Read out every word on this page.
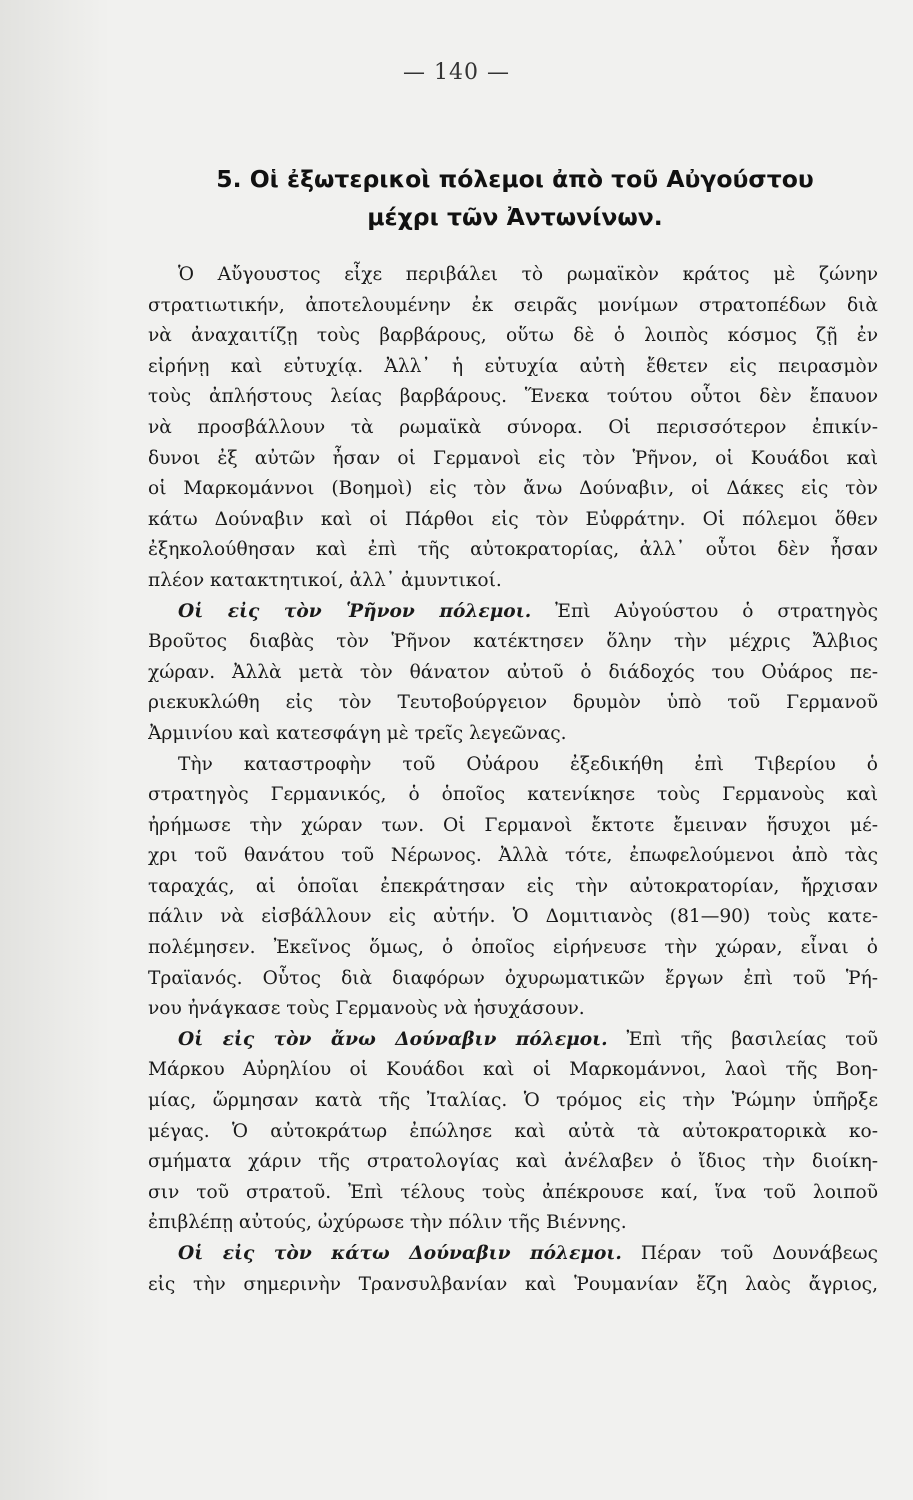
— 140 —
5. Οἱ ἐξωτερικοὶ πόλεμοι ἀπὸ τοῦ Αὐγούστου
μέχρι τῶν Ἀντωνίνων.
Ὁ Αὔγουστος εἶχε περιβάλει τὸ ρωμαϊκὸν κράτος μὲ ζώνην
στρατιωτικήν, ἀποτελουμένην ἐκ σειρᾶς μονίμων στρατοπέδων διὰ
νὰ ἀναχαιτίζῃ τοὺς βαρβάρους, οὕτω δὲ ὁ λοιπὸς κόσμος ζῇ ἐν
εἰρήνῃ καὶ εὐτυχίᾳ. Ἀλλ᾽ ἡ εὐτυχία αὐτὴ ἔθετεν εἰς πειρασμὸν
τοὺς ἀπλήστους λείας βαρβάρους. Ἕνεκα τούτου οὗτοι δὲν ἔπαυον
νὰ προσβάλλουν τὰ ρωμαϊκὰ σύνορα. Οἱ περισσότερον ἐπικίν-
δυνοι ἐξ αὐτῶν ἦσαν οἱ Γερμανοὶ εἰς τὸν Ῥῆνον, οἱ Κουάδοι καὶ
οἱ Μαρκομάννοι (Βοημοὶ) εἰς τὸν ἄνω Δούναβιν, οἱ Δάκες εἰς τὸν
κάτω Δούναβιν καὶ οἱ Πάρθοι εἰς τὸν Εὐφράτην. Οἱ πόλεμοι ὅθεν
ἐξηκολούθησαν καὶ ἐπὶ τῆς αὐτοκρατορίας, ἀλλ᾽ οὗτοι δὲν ἦσαν
πλέον κατακτητικοί, ἀλλ᾽ ἀμυντικοί.
Οἱ εἰς τὸν Ῥῆνον πόλεμοι. Ἐπὶ Αὐγούστου ὁ στρατηγὸς
Βροῦτος διαβὰς τὸν Ῥῆνον κατέκτησεν ὅλην τὴν μέχρις Ἄλβιος
χώραν. Ἀλλὰ μετὰ τὸν θάνατον αὐτοῦ ὁ διάδοχός του Οὐάρος πε-
ριεκυκλώθη εἰς τὸν Τευτοβούργειον δρυμὸν ὑπὸ τοῦ Γερμανοῦ
Ἀρμινίου καὶ κατεσφάγη μὲ τρεῖς λεγεῶνας.
Τὴν καταστροφὴν τοῦ Οὐάρου ἐξεδικήθη ἐπὶ Τιβερίου ὁ
στρατηγὸς Γερμανικός, ὁ ὁποῖος κατενίκησε τοὺς Γερμανοὺς καὶ
ἠρήμωσε τὴν χώραν των. Οἱ Γερμανοὶ ἔκτοτε ἔμειναν ἥσυχοι μέ-
χρι τοῦ θανάτου τοῦ Νέρωνος. Ἀλλὰ τότε, ἐπωφελούμενοι ἀπὸ τὰς
ταραχάς, αἱ ὁποῖαι ἐπεκράτησαν εἰς τὴν αὐτοκρατορίαν, ἤρχισαν
πάλιν νὰ εἰσβάλλουν εἰς αὐτήν. Ὁ Δομιτιανὸς (81—90) τοὺς κατε-
πολέμησεν. Ἐκεῖνος ὅμως, ὁ ὁποῖος εἰρήνευσε τὴν χώραν, εἶναι ὁ
Τραϊανός. Οὗτος διὰ διαφόρων ὀχυρωματικῶν ἔργων ἐπὶ τοῦ Ῥή-
νου ἠνάγκασε τοὺς Γερμανοὺς νὰ ἡσυχάσουν.
Οἱ εἰς τὸν ἄνω Δούναβιν πόλεμοι. Ἐπὶ τῆς βασιλείας τοῦ
Μάρκου Αὐρηλίου οἱ Κουάδοι καὶ οἱ Μαρκομάννοι, λαοὶ τῆς Βοη-
μίας, ὥρμησαν κατὰ τῆς Ἰταλίας. Ὁ τρόμος εἰς τὴν Ῥώμην ὑπῆρξε
μέγας. Ὁ αὐτοκράτωρ ἐπώλησε καὶ αὐτὰ τὰ αὐτοκρατορικὰ κο-
σμήματα χάριν τῆς στρατολογίας καὶ ἀνέλαβεν ὁ ἴδιος τὴν διοίκη-
σιν τοῦ στρατοῦ. Ἐπὶ τέλους τοὺς ἀπέκρουσε καί, ἵνα τοῦ λοιποῦ
ἐπιβλέπῃ αὐτούς, ὠχύρωσε τὴν πόλιν τῆς Βιέννης.
Οἱ εἰς τὸν κάτω Δούναβιν πόλεμοι. Πέραν τοῦ Δουνάβεως
εἰς τὴν σημερινὴν Τρανσυλβανίαν καὶ Ῥουμανίαν ἔζη λαὸς ἄγριος,
